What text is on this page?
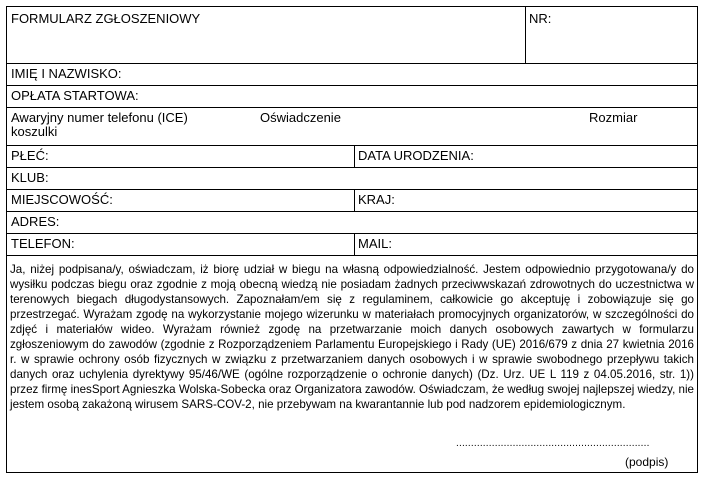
FORMULARZ ZGŁOSZENIOWY	NR:
IMIĘ I NAZWISKO:
OPŁATA STARTOWA:
Awaryjny numer telefonu (ICE)	Oświadczenie	Rozmiar
koszulki
PŁEĆ:	DATA URODZENIA:
KLUB:
MIEJSCOWOŚĆ:	KRAJ:
ADRES:
TELEFON:	MAIL:
Ja, niżej podpisana/y, oświadczam, iż biorę udział w biegu na własną odpowiedzialność. Jestem odpowiednio przygotowana/y do wysiłku podczas biegu oraz zgodnie z moją obecną wiedzą nie posiadam żadnych przeciwwskazań zdrowotnych do uczestnictwa w terenowych biegach długodystansowych. Zapoznałam/em się z regulaminem, całkowicie go akceptuję i zobowiązuje się go przestrzegać. Wyrażam zgodę na wykorzystanie mojego wizerunku w materiałach promocyjnych organizatorów, w szczególności do zdjęć i materiałów wideo. Wyrażam również zgodę na przetwarzanie moich danych osobowych zawartych w formularzu zgłoszeniowym do zawodów (zgodnie z Rozporządzeniem Parlamentu Europejskiego i Rady (UE) 2016/679 z dnia 27 kwietnia 2016 r. w sprawie ochrony osób fizycznych w związku z przetwarzaniem danych osobowych i w sprawie swobodnego przepływu takich danych oraz uchylenia dyrektywy 95/46/WE (ogólne rozporządzenie o ochronie danych) (Dz. Urz. UE L 119 z 04.05.2016, str. 1)) przez firmę inesSport Agnieszka Wolska-Sobecka oraz Organizatora zawodów. Oświadczam, że według swojej najlepszej wiedzy, nie jestem osobą zakażoną wirusem SARS-COV-2, nie przebywam na kwarantannie lub pod nadzorem epidemiologicznym.
.................................................................
(podpis)
